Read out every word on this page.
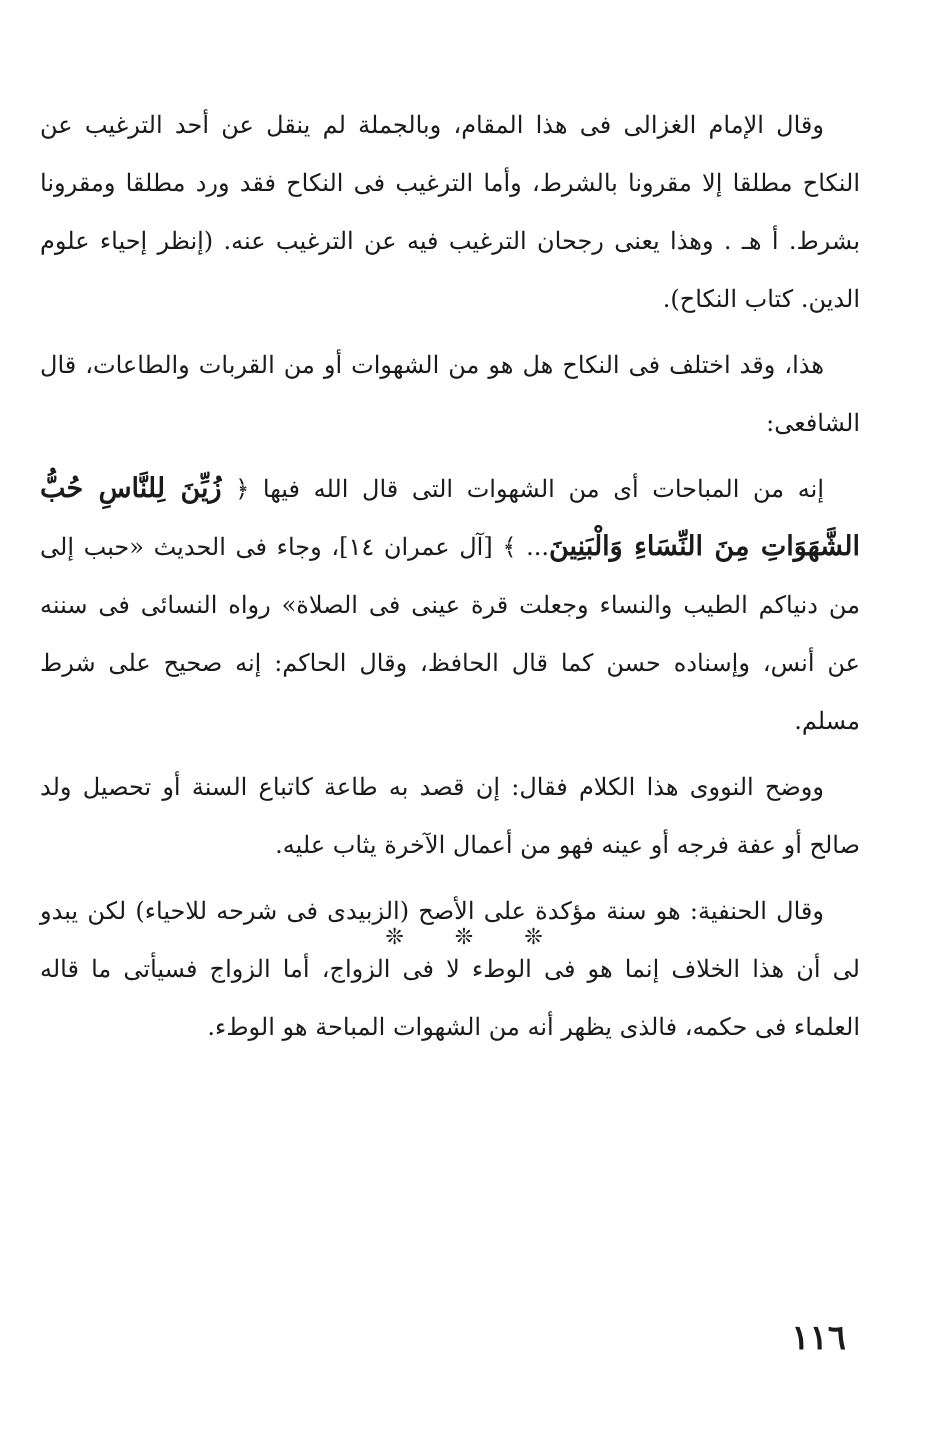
وقال الإمام الغزالى فى هذا المقام، وبالجملة لم ينقل عن أحد الترغيب عن النكاح مطلقا إلا مقرونا بالشرط، وأما الترغيب فى النكاح فقد ورد مطلقا ومقرونا بشرط. أ هـ . وهذا يعنى رجحان الترغيب فيه عن الترغيب عنه. (إنظر إحياء علوم الدين. كتاب النكاح).

هذا، وقد اختلف فى النكاح هل هو من الشهوات أو من القربات والطاعات، قال الشافعى:

إنه من المباحات أى من الشهوات التى قال الله فيها ﴿ زُيِّنَ لِلنَّاسِ حُبُّ الشَّهَوَاتِ مِنَ النِّسَاءِ وَالْبَنِينَ... ﴾ [آل عمران ١٤]، وجاء فى الحديث «حبب إلى من دنياكم الطيب والنساء وجعلت قرة عينى فى الصلاة» رواه النسائى فى سننه عن أنس، وإسناده حسن كما قال الحافظ، وقال الحاكم: إنه صحيح على شرط مسلم.

ووضح النووى هذا الكلام فقال: إن قصد به طاعة كاتباع السنة أو تحصيل ولد صالح أو عفة فرجه أو عينه فهو من أعمال الآخرة يثاب عليه.

وقال الحنفية: هو سنة مؤكدة على الأصح (الزبيدى فى شرحه للاحياء) لكن يبدو لى أن هذا الخلاف إنما هو فى الوطء لا فى الزواج، أما الزواج فسيأتى ما قاله العلماء فى حكمه، فالذى يظهر أنه من الشهوات المباحة هو الوطء.

❊ ❊ ❊
١١٦
